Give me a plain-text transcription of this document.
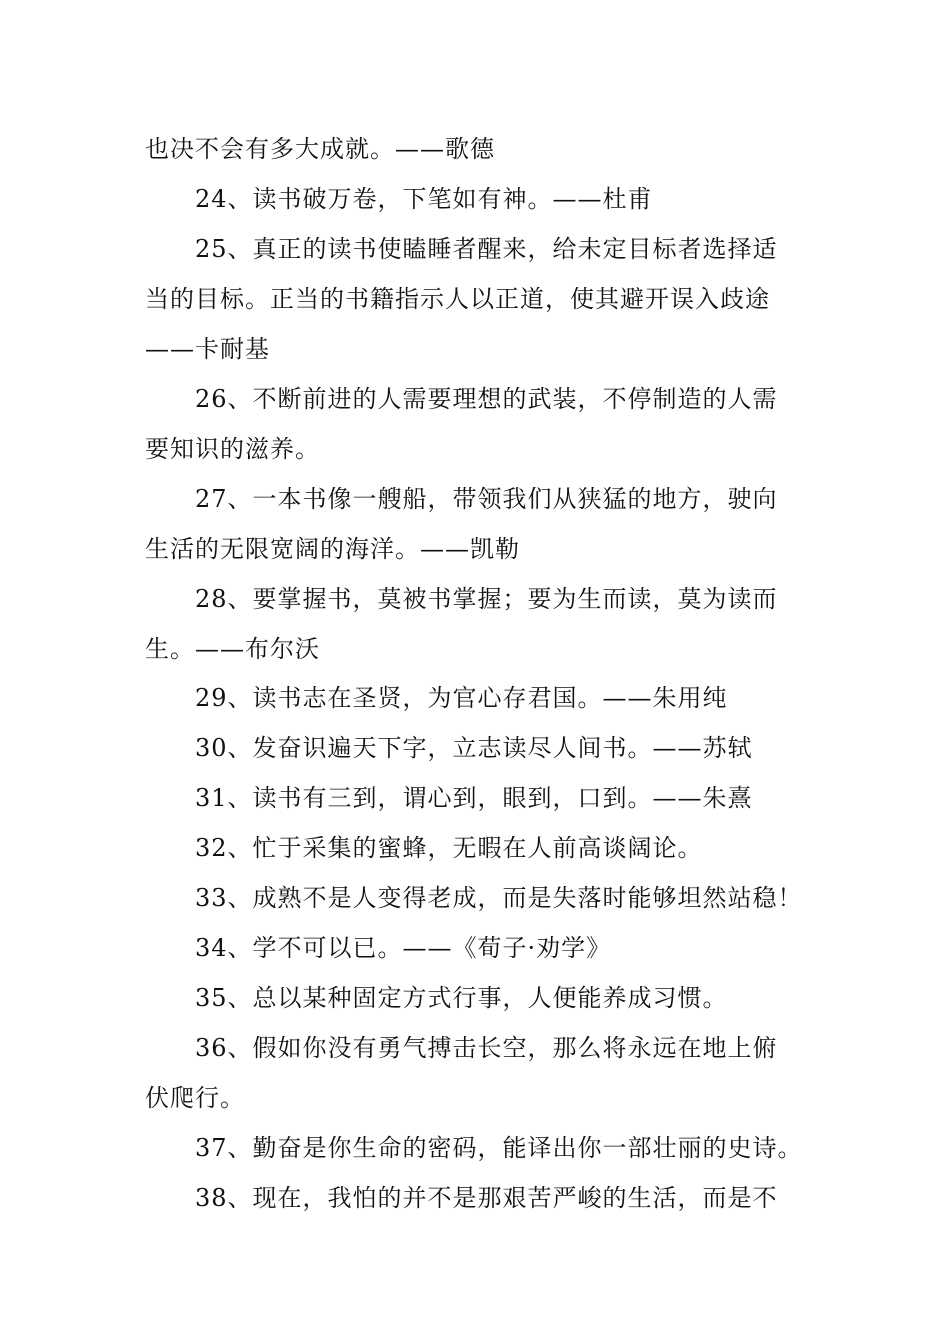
也决不会有多大成就。——歌德
24、读书破万卷，下笔如有神。——杜甫
25、真正的读书使瞌睡者醒来，给未定目标者选择适
当的目标。正当的书籍指示人以正道，使其避开误入歧途
——卡耐基
26、不断前进的人需要理想的武装，不停制造的人需
要知识的滋养。
27、一本书像一艘船，带领我们从狭猛的地方，驶向
生活的无限宽阔的海洋。——凯勒
28、要掌握书，莫被书掌握；要为生而读，莫为读而
生。——布尔沃
29、读书志在圣贤，为官心存君国。——朱用纯
30、发奋识遍天下字，立志读尽人间书。——苏轼
31、读书有三到，谓心到，眼到，口到。——朱熹
32、忙于采集的蜜蜂，无暇在人前高谈阔论。
33、成熟不是人变得老成，而是失落时能够坦然站稳！
34、学不可以已。——《荀子·劝学》
35、总以某种固定方式行事，人便能养成习惯。
36、假如你没有勇气搏击长空，那么将永远在地上俯
伏爬行。
37、勤奋是你生命的密码，能译出你一部壮丽的史诗。
38、现在，我怕的并不是那艰苦严峻的生活，而是不
